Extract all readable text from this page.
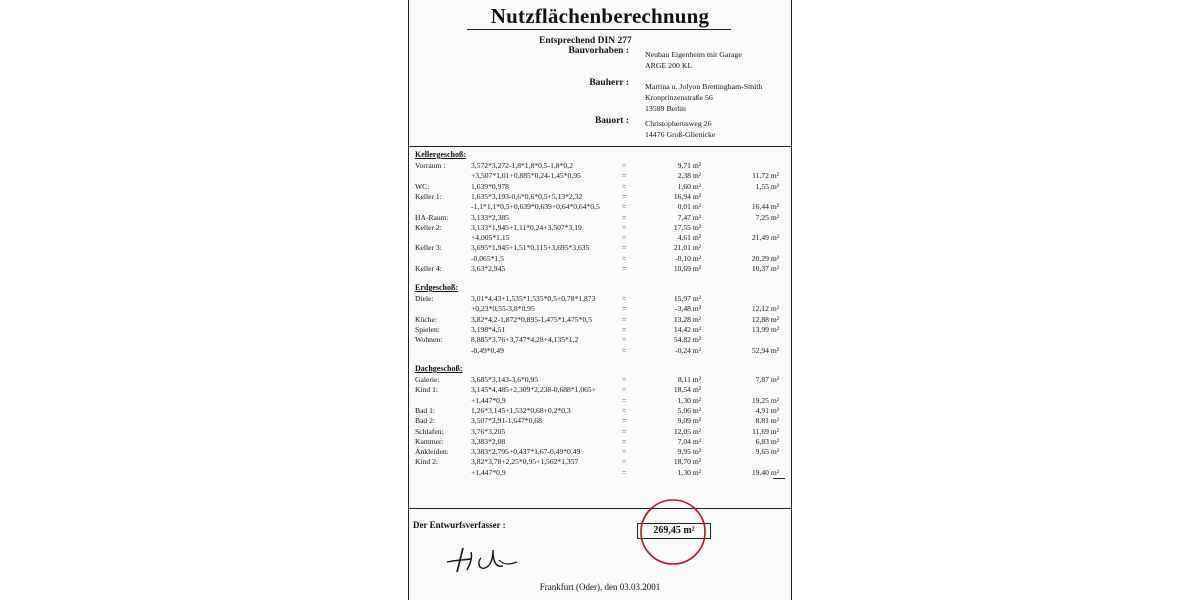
Nutzflächenberechnung
Entsprechend DIN 277
Bauvorhaben : Neubau Eigenheim mit Garage
ARGE 200 KL
Bauherr : Martina u. Jolyon Brettingham-Smith
Kronprinzenstraße 56
13589 Berlin
Bauort : Christopherusweg 26
14476 Groß-Glienicke
Kellergeschoß:
Vorraum :	3,572*3,272-1,8*1,8*0,5-1,8*0,2	=	9,71 m²
+3,507*1,01+0,885*0,24-1,45*0,95	=	2,38 m²	11,72 m²
WC:	1,639*0,978	=	1,60 m²	1,55 m²
Keller 1:	1,635*3,193-0,6*0,6*0,5+5,13*2,32	=	16,94 m²
-1,1*1,1*0,5+0,639*0,639+0,64*0,64*0,5	=	0,01 m²	16,44 m²
HA-Raum:	3,133*2,385	=	7,47 m²	7,25 m²
Keller 2:	3,133*1,945+1,11*0,24+3,507*3,19	=	17,55 m²
+4,005*1,15	=	4,61 m²	21,49 m²
Keller 3:	3,695*1,945+1,51*0,115+3,695*3,635	=	21,01 m²
-0,065*1,5	=	-0,10 m²	20,29 m²
Keller 4:	3,63*2,945	=	10,69 m²	10,37 m²
Erdgeschoß:
Diele:	3,01*4,43+1,535*1,535*0,5+0,78*1,873	=	15,97 m²
+0,23*0,55-3,8*0,95	=	-3,48 m²	12,12 m²
Küche:	3,82*4,2-1,872*0,895-1,475*1,475*0,5	=	13,28 m²	12,88 m²
Spielen:	3,198*4,51	=	14,42 m²	13,99 m²
Wohnen:	8,885*3,76+3,747*4,28+4,135*1,2	=	54,82 m²
-0,49*0,49	=	-0,24 m²	52,94 m²
Dachgeschoß:
Galerie:	3,685*3,143-3,6*0,95	=	8,11 m²	7,87 m²
Kind 1:	3,145*4,485+2,309*2,238-0,688*1,065+	=	18,54 m²
+1,447*0,9	=	1,30 m²	19,25 m²
Bad 1:	1,26*3,145+1,532*0,68+0,2*0,3	=	5,06 m²	4,91 m²
Bad 2:	3,507*2,91-1,647*0,68	=	9,09 m²	8,81 m²
Schlafen:	3,76*3,205	=	12,05 m²	11,69 m²
Kammer:	3,383*2,08	=	7,04 m²	6,83 m²
Ankleiden:	3,383*2,795+0,437*1,67-0,49*0,49	=	9,95 m²	9,65 m²
Kind 2:	3,82*3,78+2,25*0,95+1,562*1,357	=	18,70 m²
+1,447*0,9	=	1,30 m²	19,40 m²
Der Entwurfsverfasser :	269,45 m²
Frankfurt (Oder), den 03.03.2001
